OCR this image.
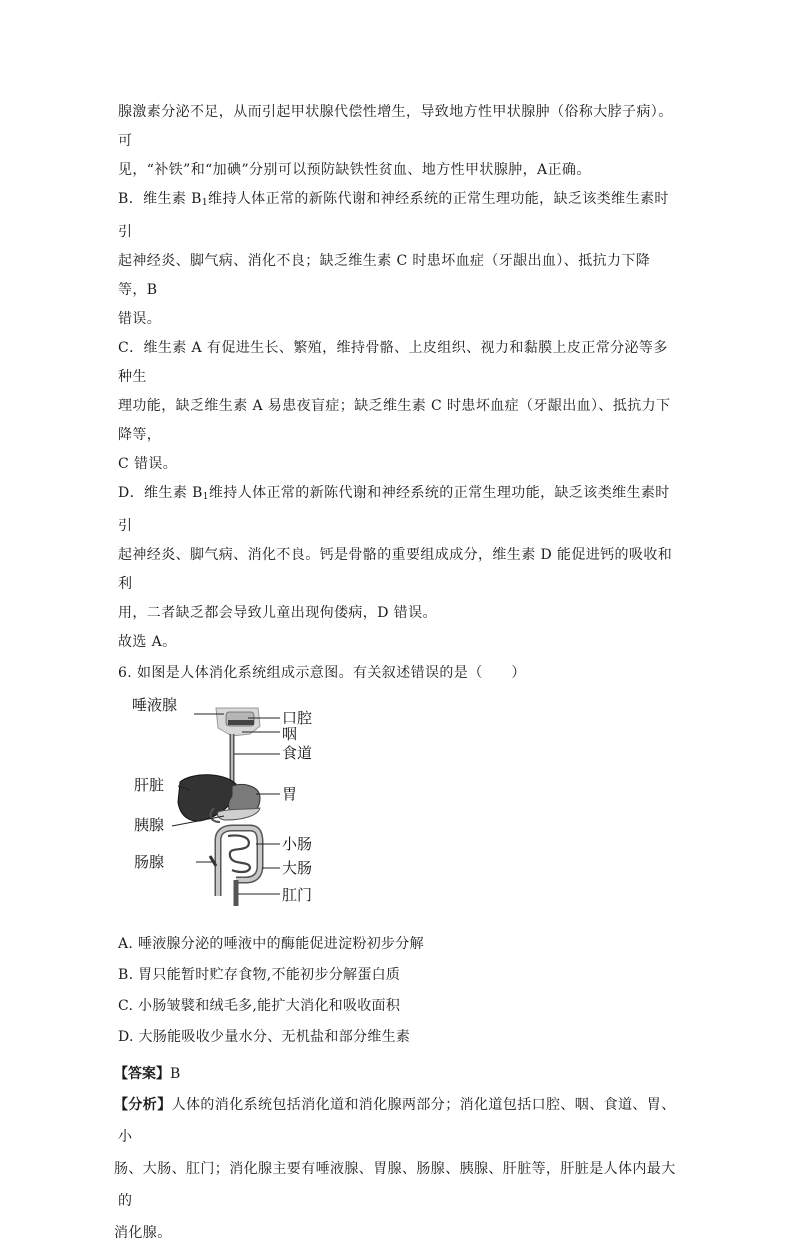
腺激素分泌不足，从而引起甲状腺代偿性增生，导致地方性甲状腺肿（俗称大脖子病）。可

见，“补铁”和“加碘”分别可以预防缺铁性贫血、地方性甲状腺肿，A正确。

B．维生素 $B_1$维持人体正常的新陈代谢和神经系统的正常生理功能，缺乏该类维生素时引

起神经炎、脚气病、消化不良；缺乏维生素 C 时患坏血症（牙龈出血）、抵抗力下降等，B

错误。

C．维生素 A 有促进生长、繁殖，维持骨骼、上皮组织、视力和黏膜上皮正常分泌等多种生

理功能，缺乏维生素 A 易患夜盲症；缺乏维生素 C 时患坏血症（牙龈出血）、抵抗力下降等，

C 错误。

D．维生素 $B_1$维持人体正常的新陈代谢和神经系统的正常生理功能，缺乏该类维生素时引

起神经炎、脚气病、消化不良。钙是骨骼的重要组成成分，维生素 D 能促进钙的吸收和利

用，二者缺乏都会导致儿童出现佝偻病，D 错误。

故选 A。

6. 如图是人体消化系统组成示意图。有关叙述错误的是（　　）

唾液腺
口腔
咽
食道
肝脏	胃
胰腺
小肠
肠腺	大肠
肛门

A. 唾液腺分泌的唾液中的酶能促进淀粉初步分解

B. 胃只能暂时贮存食物,不能初步分解蛋白质

C. 小肠皱襞和绒毛多,能扩大消化和吸收面积

D. 大肠能吸收少量水分、无机盐和部分维生素

【答案】B

【分析】人体的消化系统包括消化道和消化腺两部分；消化道包括口腔、咽、食道、胃、小

肠、大肠、肛门；消化腺主要有唾液腺、胃腺、肠腺、胰腺、肝脏等，肝脏是人体内最大的

消化腺。
